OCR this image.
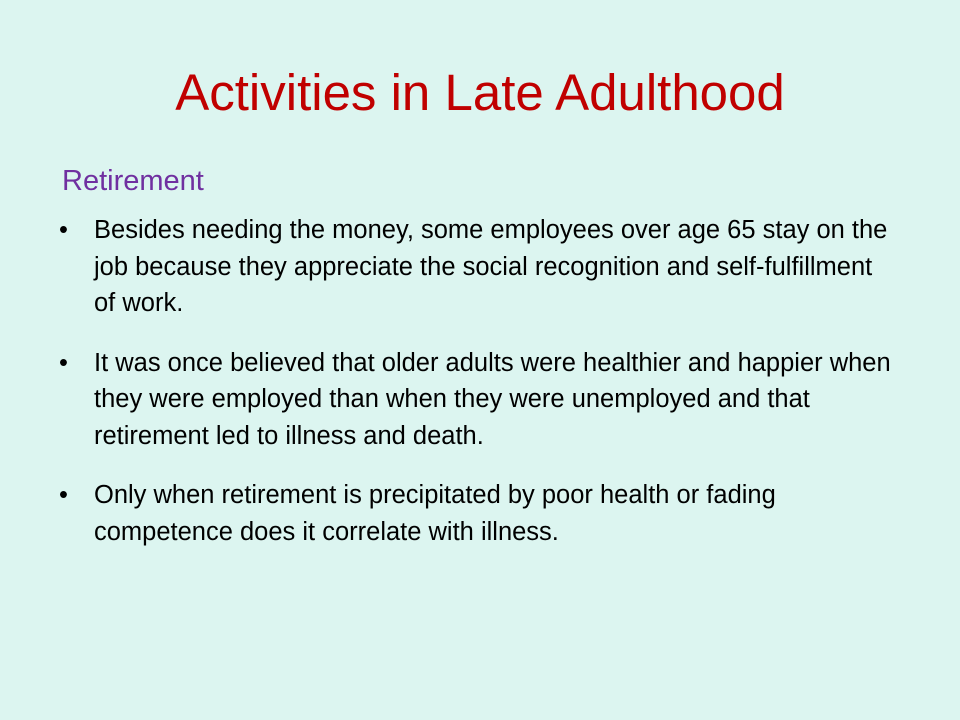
Activities in Late Adulthood
Retirement
• Besides needing the money, some employees over age 65 stay on the job because they appreciate the social recognition and self-fulfillment of work.
• It was once believed that older adults were healthier and happier when they were employed than when they were unemployed and that retirement led to illness and death.
• Only when retirement is precipitated by poor health or fading competence does it correlate with illness.
